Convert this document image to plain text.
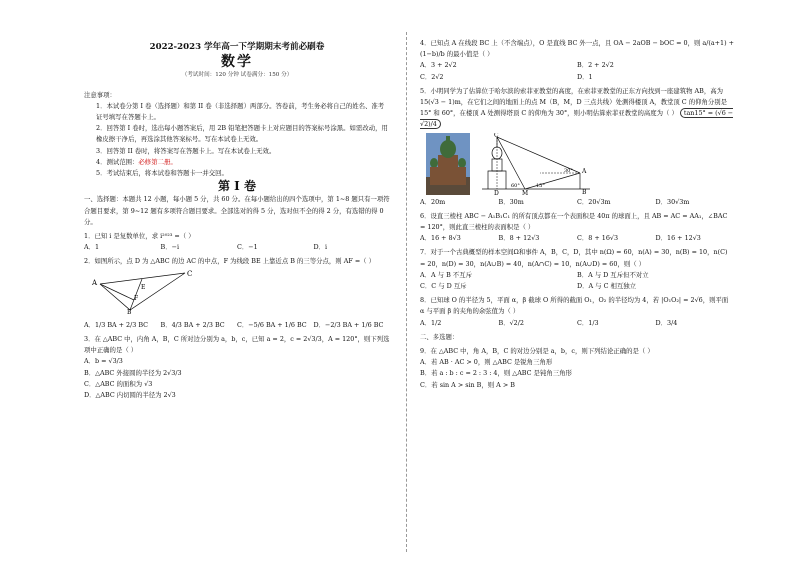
2022-2023 学年高一下学期期末考前必刷卷
数学
（考试时间：120 分钟 试卷满分：150 分）
注意事项：
1．本试卷分第 I 卷（选择题）和第 II 卷（非选择题）两部分。答卷前，考生务必将自己的姓名、准考证号填写在答题卡上。
2．回答第 I 卷时，选出每小题答案后，用 2B 铅笔把答题卡上对应题目的答案标号涂黑。如需改动，用橡皮擦干净后，再选涂其他答案标号。写在本试卷上无效。
3．回答第 II 卷时，将答案写在答题卡上。写在本试卷上无效。
4．测试范围：必修第二册。
5．考试结束后，将本试卷和答题卡一并交回。
第 I 卷
一、选择题：本题共 12 小题，每小题 5 分，共 60 分。在每小题给出的四个选项中，第 1~8 题只有一项符合题目要求，第 9~12 题有多项符合题目要求。全部选对的得 5 分，选对但不全的得 2 分，有选错的得 0 分。
1．已知 i 是复数单位，求 i²⁰²³ =（ ）
A．1	B．−i	C．−1	D．i
2．如图所示，点 D 为 △ABC 的边 AC 的中点，F 为线段 BE 上靠近点 B 的三等分点，则 AF =（ ）
A
B
C
E
F
A．1/3 BA + 2/3 BC	B．4/3 BA + 2/3 BC	C．−5/6 BA + 1/6 BC	D．−2/3 BA + 1/6 BC
3．在 △ABC 中，内角 A，B，C 所对边分别为 a，b，c，已知 a = 2，c = 2√3/3，A = 120°，则下列选项中正确的是（ ）
A．b = √3/3
B．△ABC 外接圆的半径为 2√3/3
C．△ABC 的面积为 √3
D．△ABC 内切圆的半径为 2√3
4．已知点 A 在线段 BC 上（不含端点），O 是直线 BC 外一点，且 OA − 2aOB − bOC = 0，则 a/(a+1) + (1−b)/b 的最小值是（ ）
A．3 + 2√2	B．2 + 2√2
C．2√2	D．1
5．小明同学为了估算位于哈尔滨的索菲亚教堂的高度，在索菲亚教堂的正东方向找到一座建筑物 AB，高为 15(√3 − 1)m，在它们之间的地面上的点 M（B，M，D 三点共线）处测得楼顶 A，教堂顶 C 的仰角分别是 15° 和 60°，在楼顶 A 处测得塔顶 C 的仰角为 30°，则小明估算索菲亚教堂的高度为（ ） tan15° = (√6 − √2)/4
C
A
B
D	M
30°
60°	15°
A．20m	B．30m	C．20√3m	D．30√3m
6．设直三棱柱 ABC − A₁B₁C₁ 的所有顶点都在一个表面积是 40π 的球面上，且 AB = AC = AA₁，∠BAC = 120°，则此直三棱柱的表面积是（ ）
A．16 + 8√3	B．8 + 12√3	C．8 + 16√3	D．16 + 12√3
7．对于一个古典概型的样本空间Ω和事件 A，B，C，D，其中 n(Ω) = 60，n(A) = 30，n(B) = 10，n(C) = 20，n(D) = 30，n(A∪B) = 40，n(A∩C) = 10，n(A∪D) = 60，则（ ）
A．A 与 B 不互斥	B．A 与 D 互斥但不对立
C．C 与 D 互斥	D．A 与 C 相互独立
8．已知球 O 的半径为 5，平面 α，β 截球 O 所得的截面 O₁，O₂ 的半径均为 4，若 |O₁O₂| = 2√6，则平面 α 与平面 β 的夹角的余弦值为（ ）
A．1/2	B．√2/2	C．1/3	D．3/4
二、多选题：
9．在 △ABC 中，角 A，B，C 的对边分别是 a，b，c，则下列结论正确的是（ ）
A．若 AB · AC > 0，则 △ABC 是锐角三角形
B．若 a : b : c = 2 : 3 : 4，则 △ABC 是钝角三角形
C．若 sin A > sin B，则 A > B
